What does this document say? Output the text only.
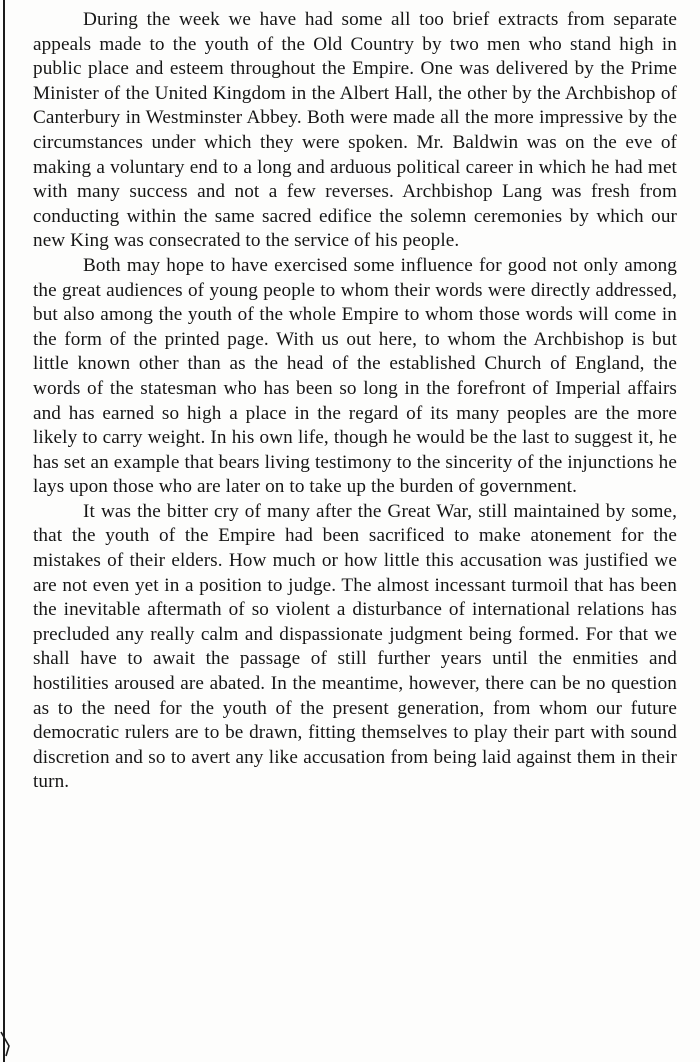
During the week we have had some all too brief extracts from separate appeals made to the youth of the Old Country by two men who stand high in public place and esteem throughout the Empire. One was delivered by the Prime Minister of the United Kingdom in the Albert Hall, the other by the Archbishop of Canterbury in Westminster Abbey. Both were made all the more impressive by the circumstances under which they were spoken. Mr. Baldwin was on the eve of making a voluntary end to a long and arduous political career in which he had met with many success and not a few reverses. Archbishop Lang was fresh from conducting within the same sacred edifice the solemn ceremonies by which our new King was consecrated to the service of his people.

Both may hope to have exercised some influence for good not only among the great audiences of young people to whom their words were directly addressed, but also among the youth of the whole Empire to whom those words will come in the form of the printed page. With us out here, to whom the Archbishop is but little known other than as the head of the established Church of England, the words of the statesman who has been so long in the forefront of Imperial affairs and has earned so high a place in the regard of its many peoples are the more likely to carry weight. In his own life, though he would be the last to suggest it, he has set an example that bears living testimony to the sincerity of the injunctions he lays upon those who are later on to take up the burden of government.

It was the bitter cry of many after the Great War, still maintained by some, that the youth of the Empire had been sacrificed to make atonement for the mistakes of their elders. How much or how little this accusation was justified we are not even yet in a position to judge. The almost incessant turmoil that has been the inevitable aftermath of so violent a disturbance of international relations has precluded any really calm and dispassionate judgment being formed. For that we shall have to await the passage of still further years until the enmities and hostilities aroused are abated. In the meantime, however, there can be no question as to the need for the youth of the present generation, from whom our future democratic rulers are to be drawn, fitting themselves to play their part with sound discretion and so to avert any like accusation from being laid against them in their turn.
